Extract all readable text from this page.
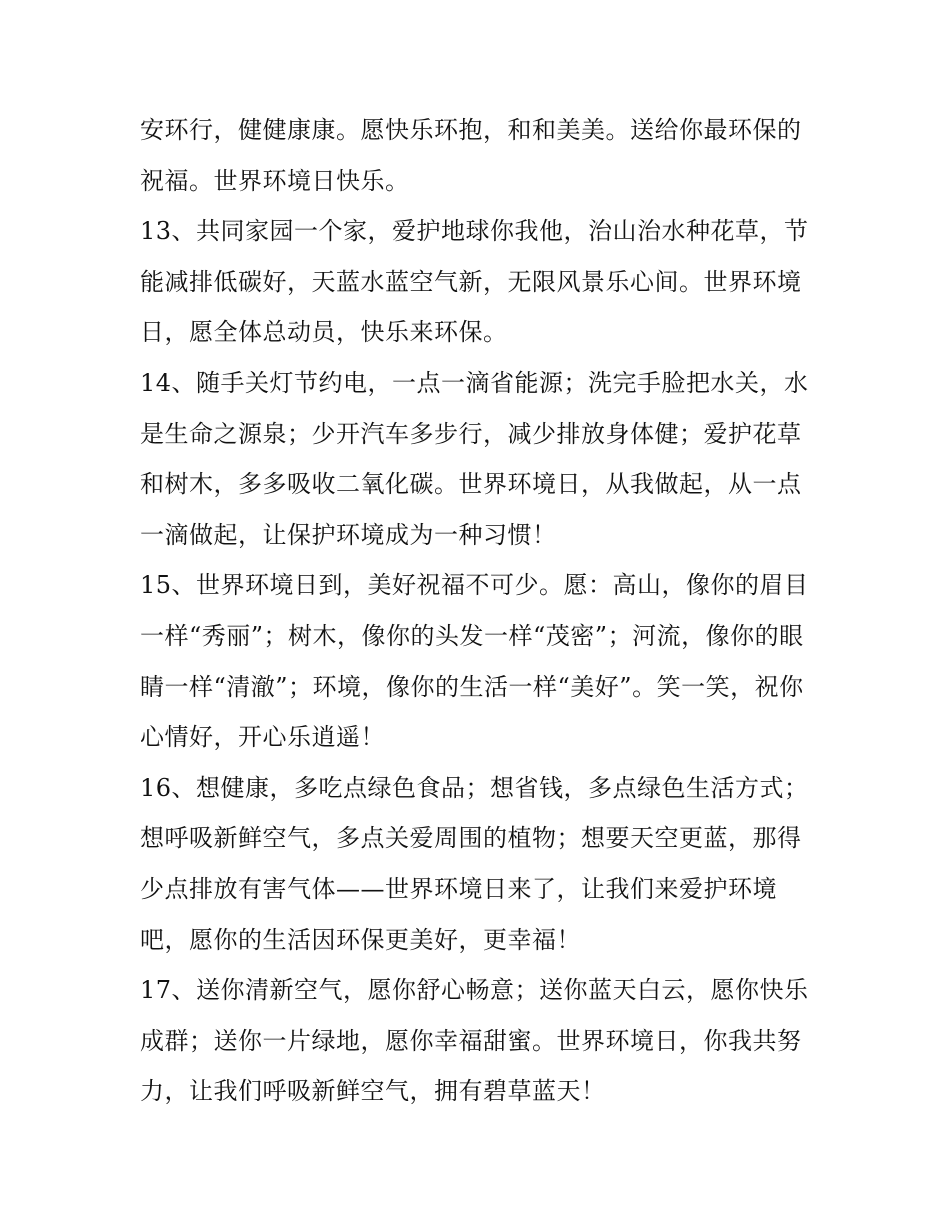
安环行，健健康康。愿快乐环抱，和和美美。送给你最环保的
祝福。世界环境日快乐。

13、共同家园一个家，爱护地球你我他，治山治水种花草，节
能减排低碳好，天蓝水蓝空气新，无限风景乐心间。世界环境
日，愿全体总动员，快乐来环保。

14、随手关灯节约电，一点一滴省能源；洗完手脸把水关，水
是生命之源泉；少开汽车多步行，减少排放身体健；爱护花草
和树木，多多吸收二氧化碳。世界环境日，从我做起，从一点
一滴做起，让保护环境成为一种习惯！

15、世界环境日到，美好祝福不可少。愿：高山，像你的眉目
一样“秀丽”；树木，像你的头发一样“茂密”；河流，像你的眼
睛一样“清澈”；环境，像你的生活一样“美好”。笑一笑，祝你
心情好，开心乐逍遥！

16、想健康，多吃点绿色食品；想省钱，多点绿色生活方式；
想呼吸新鲜空气，多点关爱周围的植物；想要天空更蓝，那得
少点排放有害气体——世界环境日来了，让我们来爱护环境
吧，愿你的生活因环保更美好，更幸福！

17、送你清新空气，愿你舒心畅意；送你蓝天白云，愿你快乐
成群；送你一片绿地，愿你幸福甜蜜。世界环境日，你我共努
力，让我们呼吸新鲜空气，拥有碧草蓝天！
